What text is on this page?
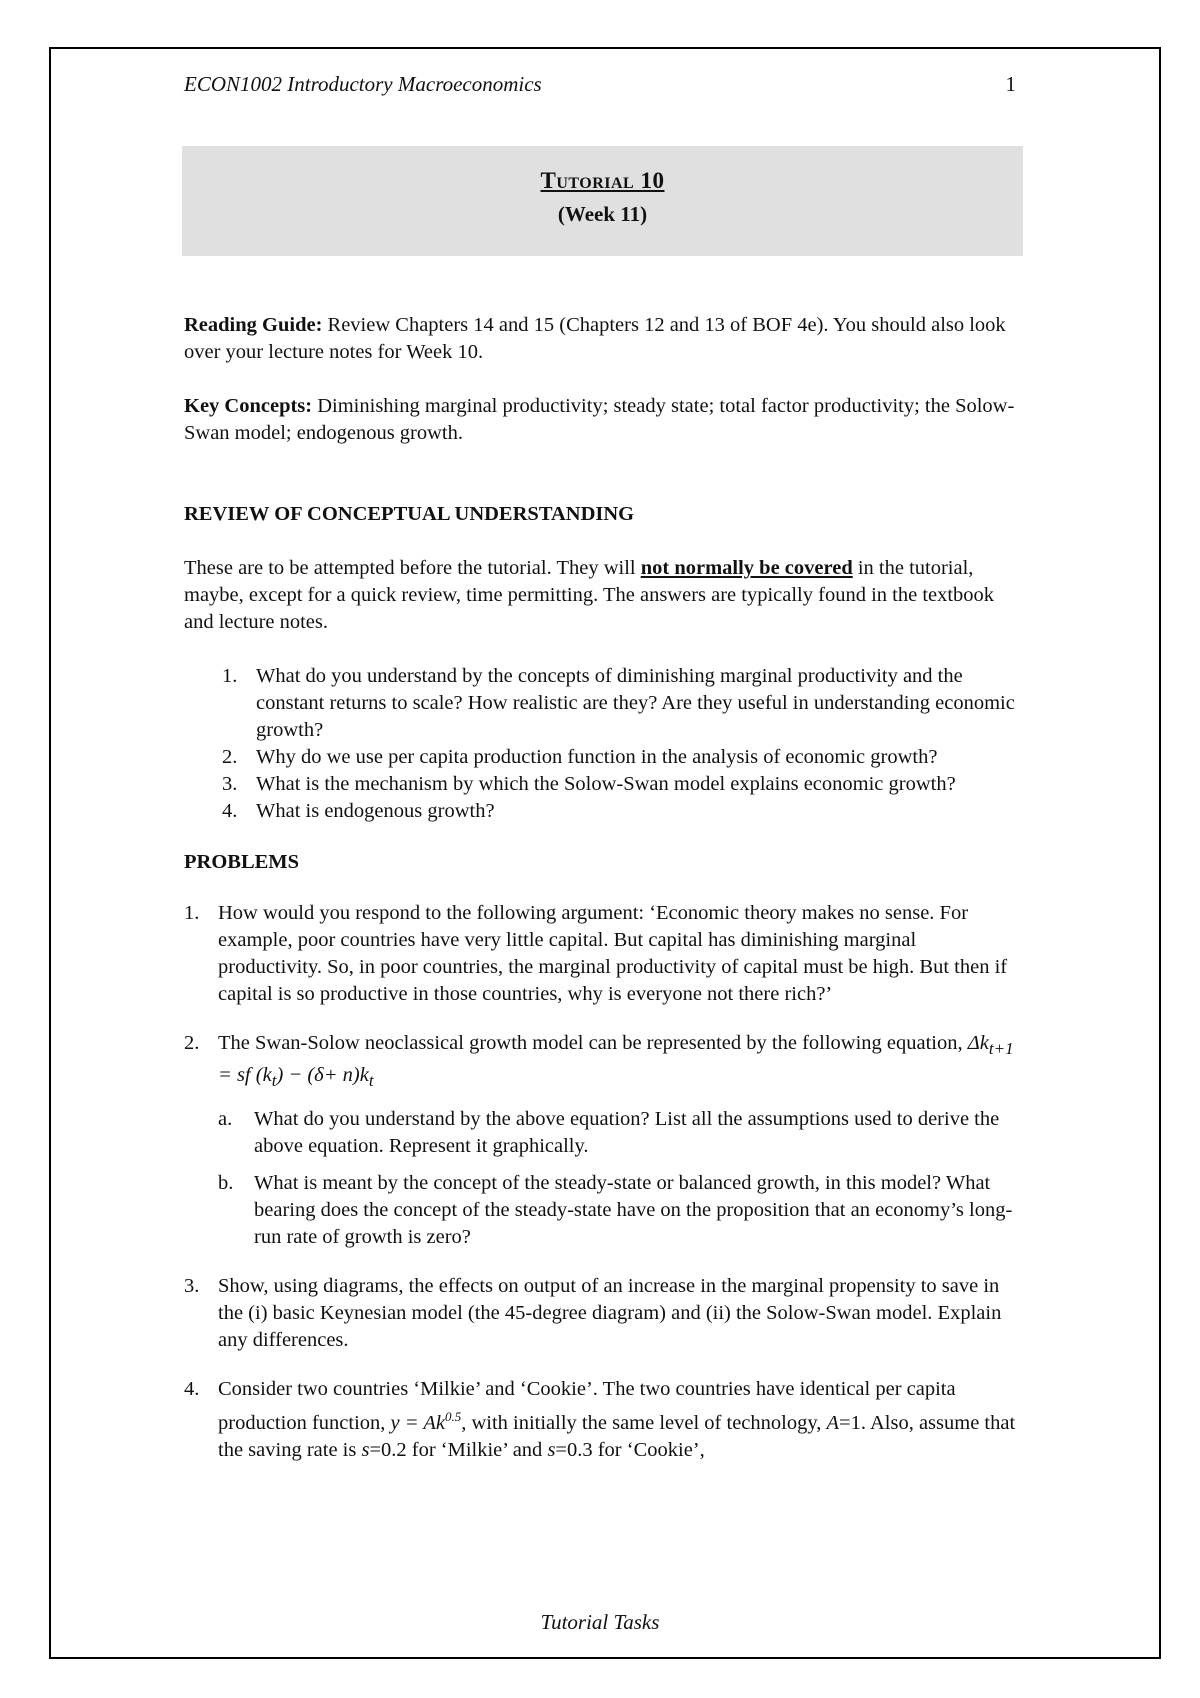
ECON1002 Introductory Macroeconomics	1
Tutorial 10
(Week 11)

Reading Guide: Review Chapters 14 and 15 (Chapters 12 and 13 of BOF 4e). You should also look over your lecture notes for Week 10.

Key Concepts: Diminishing marginal productivity; steady state; total factor productivity; the Solow-Swan model; endogenous growth.

REVIEW OF CONCEPTUAL UNDERSTANDING

These are to be attempted before the tutorial. They will not normally be covered in the tutorial, maybe, except for a quick review, time permitting. The answers are typically found in the textbook and lecture notes.

1. What do you understand by the concepts of diminishing marginal productivity and the constant returns to scale? How realistic are they? Are they useful in understanding economic growth?
2. Why do we use per capita production function in the analysis of economic growth?
3. What is the mechanism by which the Solow-Swan model explains economic growth?
4. What is endogenous growth?

PROBLEMS

1. How would you respond to the following argument: ‘Economic theory makes no sense. For example, poor countries have very little capital. But capital has diminishing marginal productivity. So, in poor countries, the marginal productivity of capital must be high. But then if capital is so productive in those countries, why is everyone not there rich?’
2. The Swan-Solow neoclassical growth model can be represented by the following equation, $\Delta k_{t+1}$ = sf $(k_t) - (\delta+ n)k_t$
a. What do you understand by the above equation? List all the assumptions used to derive the above equation. Represent it graphically.
b. What is meant by the concept of the steady-state or balanced growth, in this model? What bearing does the concept of the steady-state have on the proposition that an economy’s long-run rate of growth is zero?
3. Show, using diagrams, the effects on output of an increase in the marginal propensity to save in the (i) basic Keynesian model (the 45-degree diagram) and (ii) the Solow-Swan model. Explain any differences.
4. Consider two countries ‘Milkie’ and ‘Cookie’. The two countries have identical per capita production function, $y = Ak^{0.5}$, with initially the same level of technology, A=1. Also, assume that the saving rate is s=0.2 for ‘Milkie’ and s=0.3 for ‘Cookie’,
Tutorial Tasks
